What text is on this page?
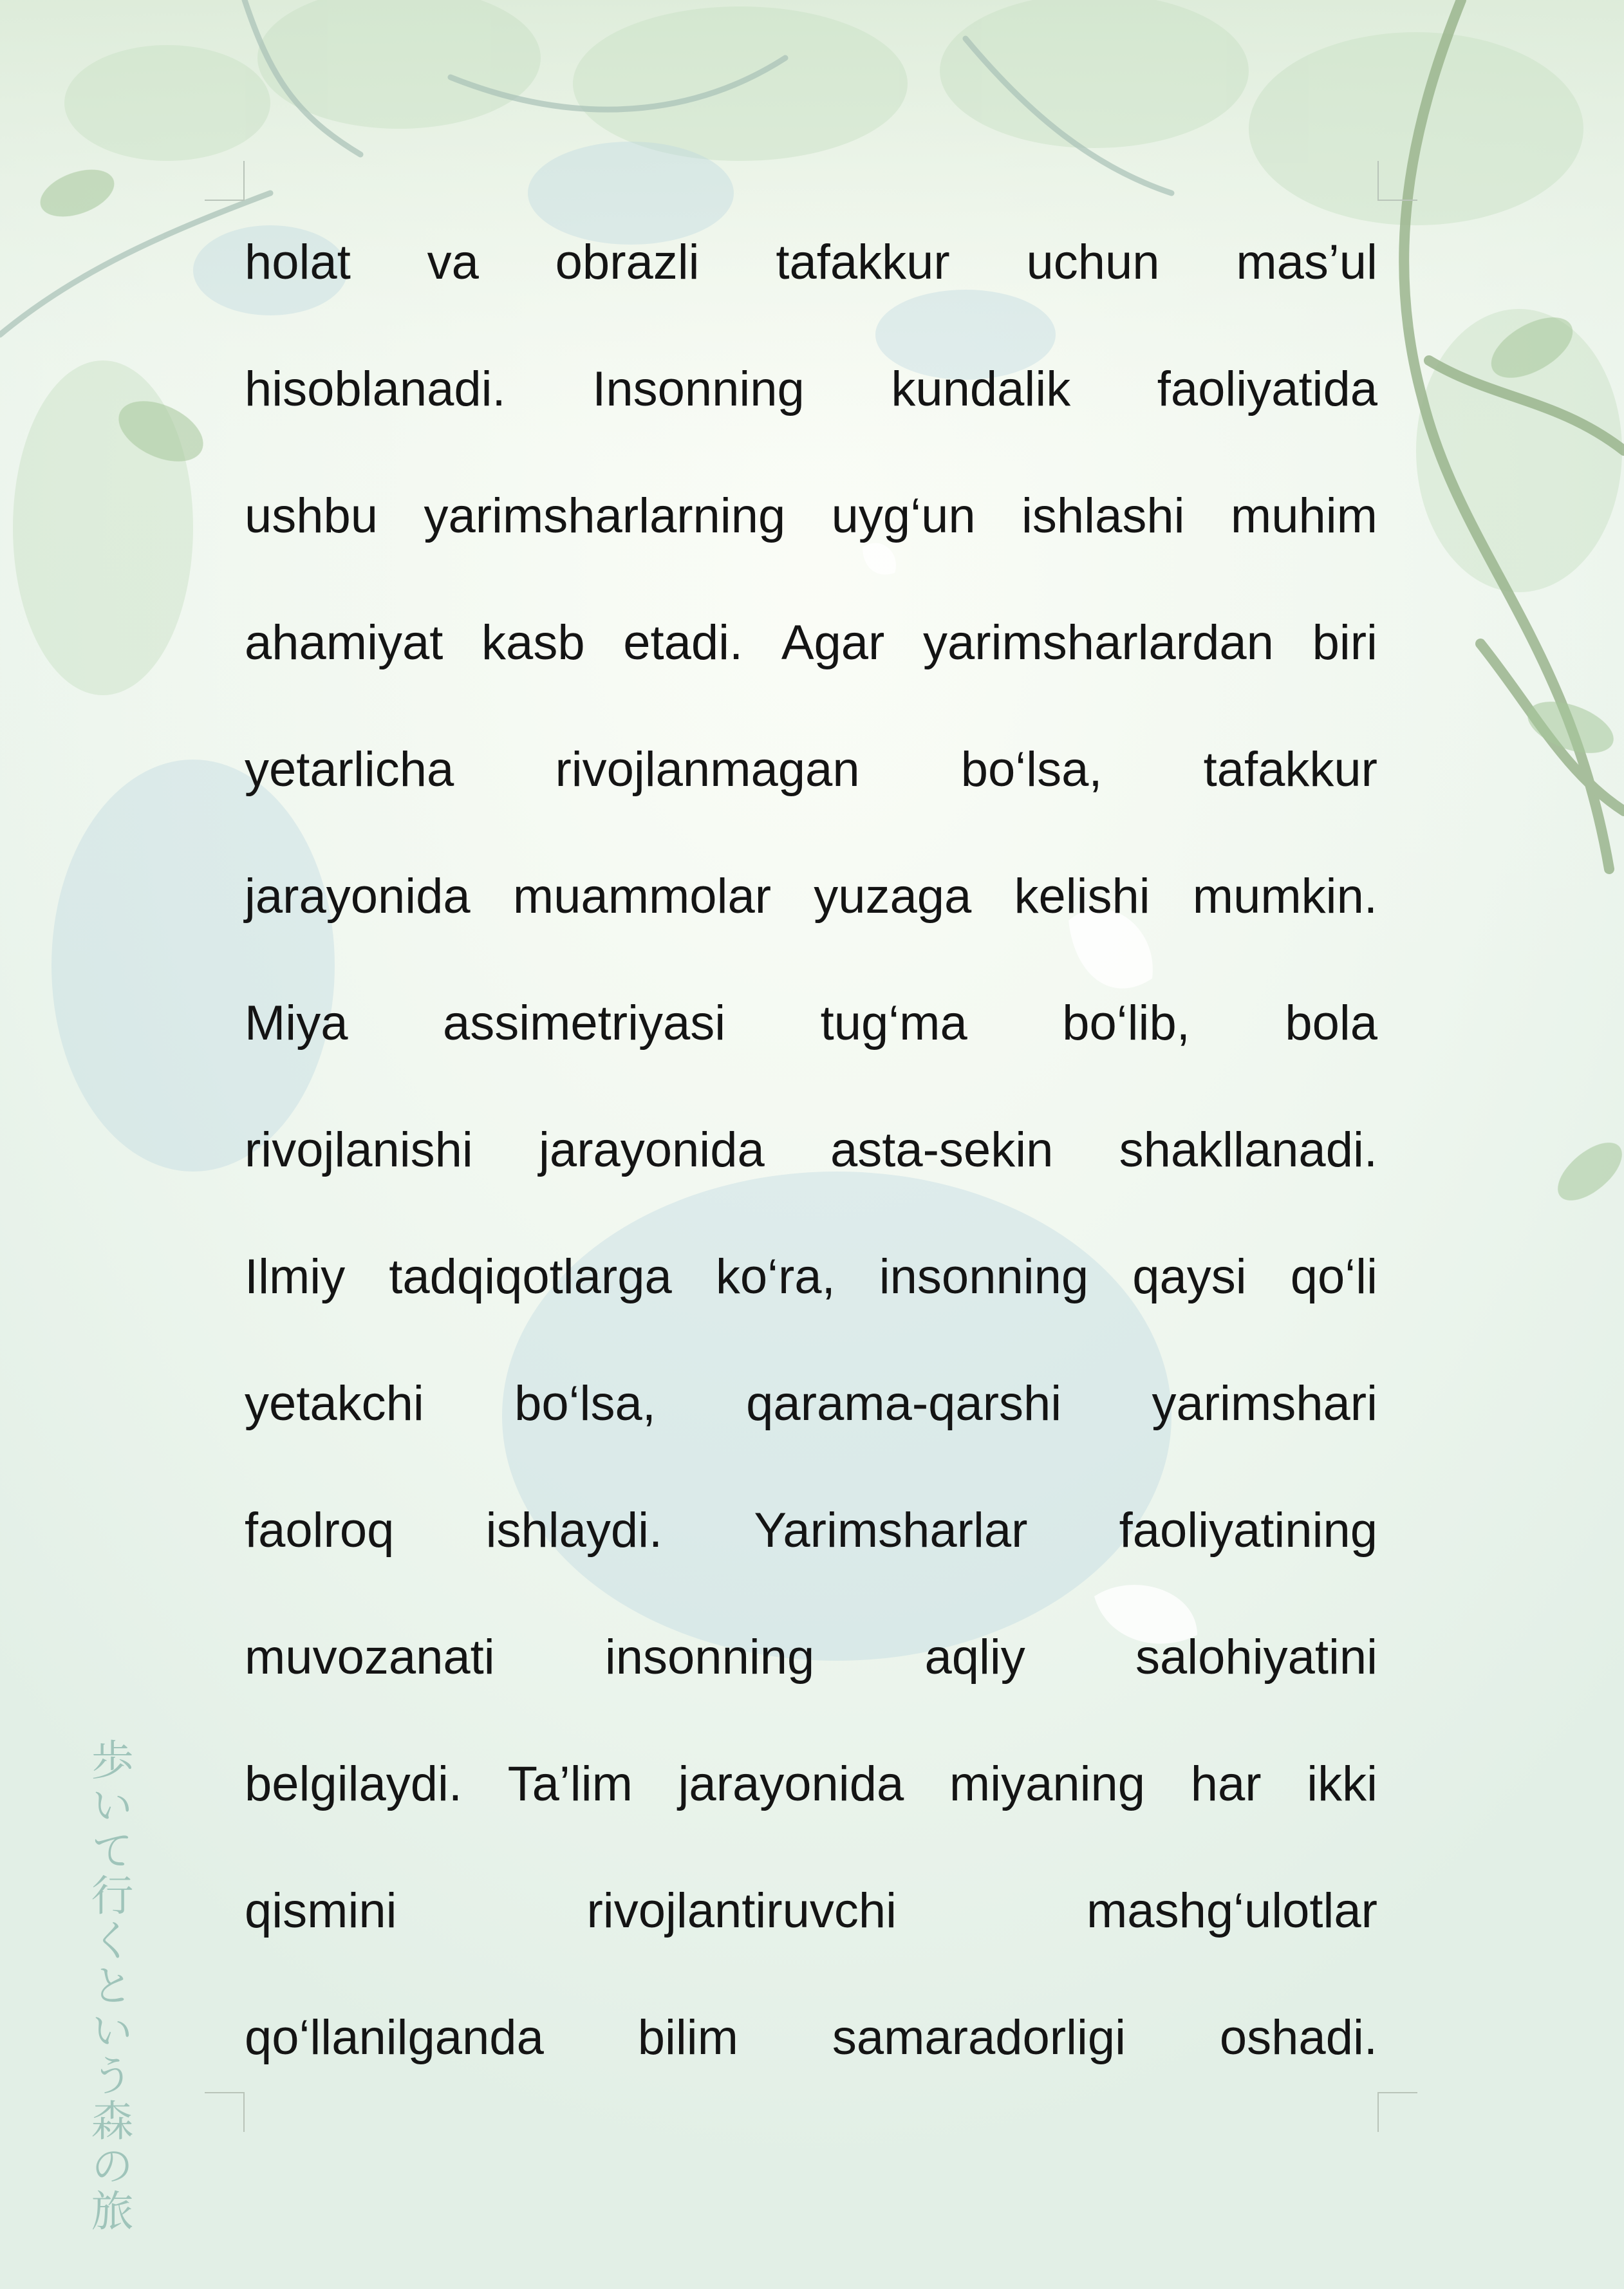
holat va obrazli tafakkur uchun mas’ul
hisoblanadi. Insonning kundalik faoliyatida
ushbu yarimsharlarning uyg‘un ishlashi muhim
ahamiyat kasb etadi. Agar yarimsharlardan biri
yetarlicha rivojlanmagan bo‘lsa, tafakkur
jarayonida muammolar yuzaga kelishi mumkin.
Miya assimetriyasi tug‘ma bo‘lib, bola
rivojlanishi jarayonida asta-sekin shakllanadi.
Ilmiy tadqiqotlarga ko‘ra, insonning qaysi qo‘li
yetakchi bo‘lsa, qarama-qarshi yarimshari
faolroq ishlaydi. Yarimsharlar faoliyatining
muvozanati insonning aqliy salohiyatini
belgilaydi. Ta’lim jarayonida miyaning har ikki
qismini	rivojlantiruvchi	mashg‘ulotlar
qo‘llanilganda bilim samaradorligi oshadi.
歩いて行くという森の旅
